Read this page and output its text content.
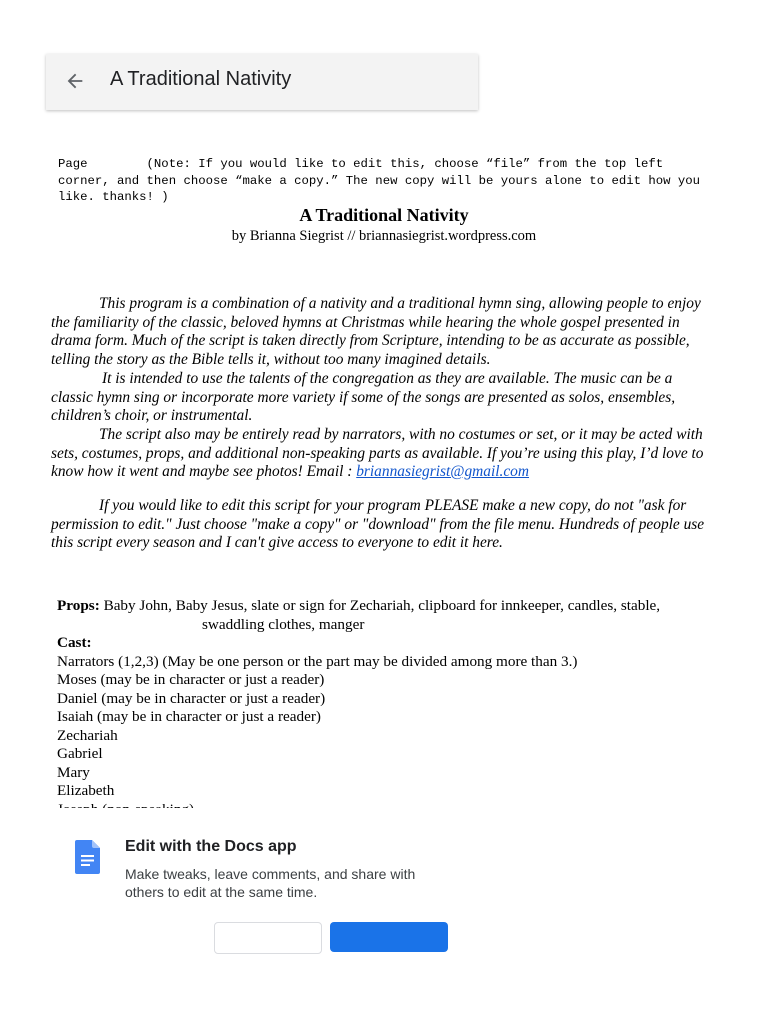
A Traditional Nativity
Page        (Note: If you would like to edit this, choose “file” from the top left corner, and then choose “make a copy.” The new copy will be yours alone to edit how you like. thanks! )
A Traditional Nativity
by Brianna Siegrist // briannasiegrist.wordpress.com
This program is a combination of a nativity and a traditional hymn sing, allowing people to enjoy the familiarity of the classic, beloved hymns at Christmas while hearing the whole gospel presented in drama form. Much of the script is taken directly from Scripture, intending to be as accurate as possible, telling the story as the Bible tells it, without too many imagined details.
It is intended to use the talents of the congregation as they are available. The music can be a classic hymn sing or incorporate more variety if some of the songs are presented as solos, ensembles, children’s choir, or instrumental.
The script also may be entirely read by narrators, with no costumes or set, or it may be acted with sets, costumes, props, and additional non-speaking parts as available. If you’re using this play, I’d love to know how it went and maybe see photos! Email : briannasiegrist@gmail.com
If you would like to edit this script for your program PLEASE make a new copy, do not "ask for permission to edit." Just choose "make a copy" or "download" from the file menu. Hundreds of people use this script every season and I can't give access to everyone to edit it here.
Props: Baby John, Baby Jesus, slate or sign for Zechariah, clipboard for innkeeper, candles, stable,
swaddling clothes, manger
Cast:
Narrators (1,2,3) (May be one person or the part may be divided among more than 3.)
Moses (may be in character or just a reader)
Daniel (may be in character or just a reader)
Isaiah (may be in character or just a reader)
Zechariah
Gabriel
Mary
Elizabeth
Edit with the Docs app
Make tweaks, leave comments, and share with others to edit at the same time.
